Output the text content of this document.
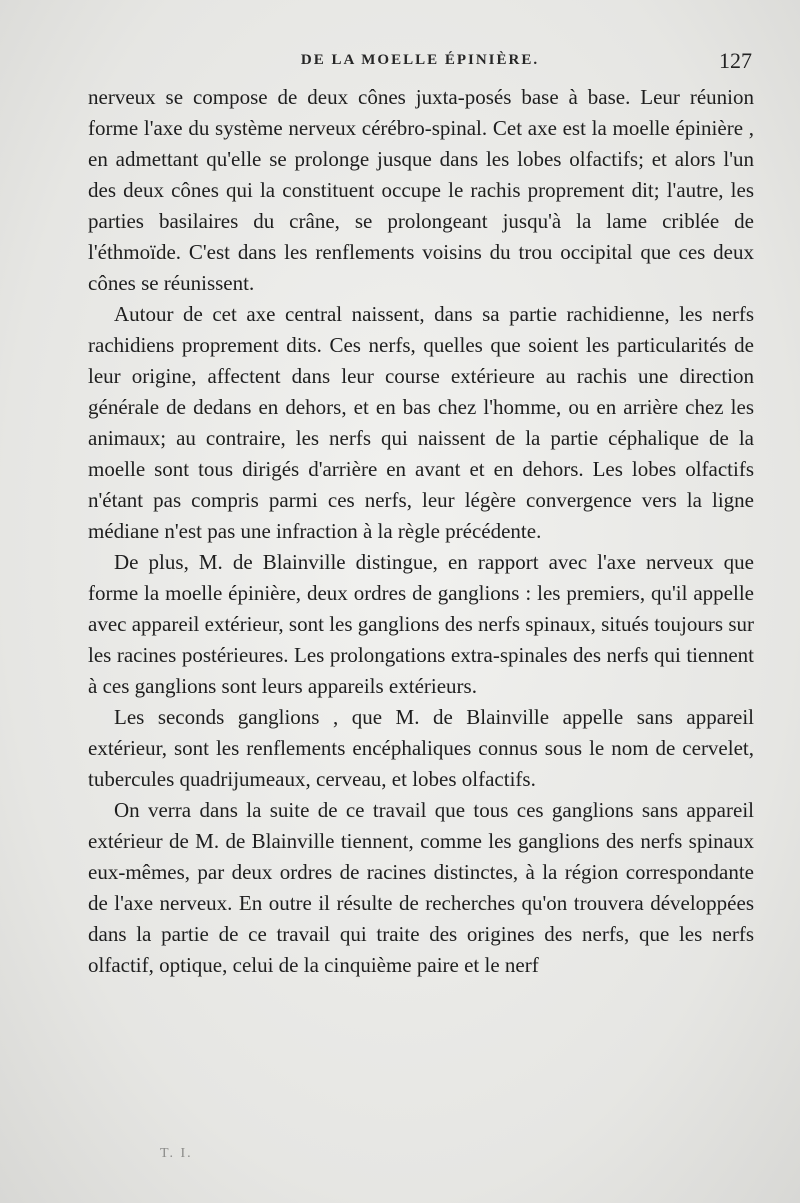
DE LA MOELLE ÉPINIÈRE.	127

nerveux se compose de deux cônes juxta-posés base à base. Leur réunion forme l'axe du système nerveux cérébro-spinal. Cet axe est la moelle épinière , en admettant qu'elle se prolonge jusque dans les lobes olfactifs; et alors l'un des deux cônes qui la constituent occupe le rachis proprement dit; l'autre, les parties basilaires du crâne, se prolongeant jusqu'à la lame criblée de l'éthmoïde. C'est dans les renflements voisins du trou occipital que ces deux cônes se réunissent.

Autour de cet axe central naissent, dans sa partie rachidienne, les nerfs rachidiens proprement dits. Ces nerfs, quelles que soient les particularités de leur origine, affectent dans leur course extérieure au rachis une direction générale de dedans en dehors, et en bas chez l'homme, ou en arrière chez les animaux; au contraire, les nerfs qui naissent de la partie céphalique de la moelle sont tous dirigés d'arrière en avant et en dehors. Les lobes olfactifs n'étant pas compris parmi ces nerfs, leur légère convergence vers la ligne médiane n'est pas une infraction à la règle précédente.

De plus, M. de Blainville distingue, en rapport avec l'axe nerveux que forme la moelle épinière, deux ordres de ganglions : les premiers, qu'il appelle avec appareil extérieur, sont les ganglions des nerfs spinaux, situés toujours sur les racines postérieures. Les prolongations extra-spinales des nerfs qui tiennent à ces ganglions sont leurs appareils extérieurs.

Les seconds ganglions , que M. de Blainville appelle sans appareil extérieur, sont les renflements encéphaliques connus sous le nom de cervelet, tubercules quadrijumeaux, cerveau, et lobes olfactifs.

On verra dans la suite de ce travail que tous ces ganglions sans appareil extérieur de M. de Blainville tiennent, comme les ganglions des nerfs spinaux eux-mêmes, par deux ordres de racines distinctes, à la région correspondante de l'axe nerveux. En outre il résulte de recherches qu'on trouvera développées dans la partie de ce travail qui traite des origines des nerfs, que les nerfs olfactif, optique, celui de la cinquième paire et le nerf

T. I.
